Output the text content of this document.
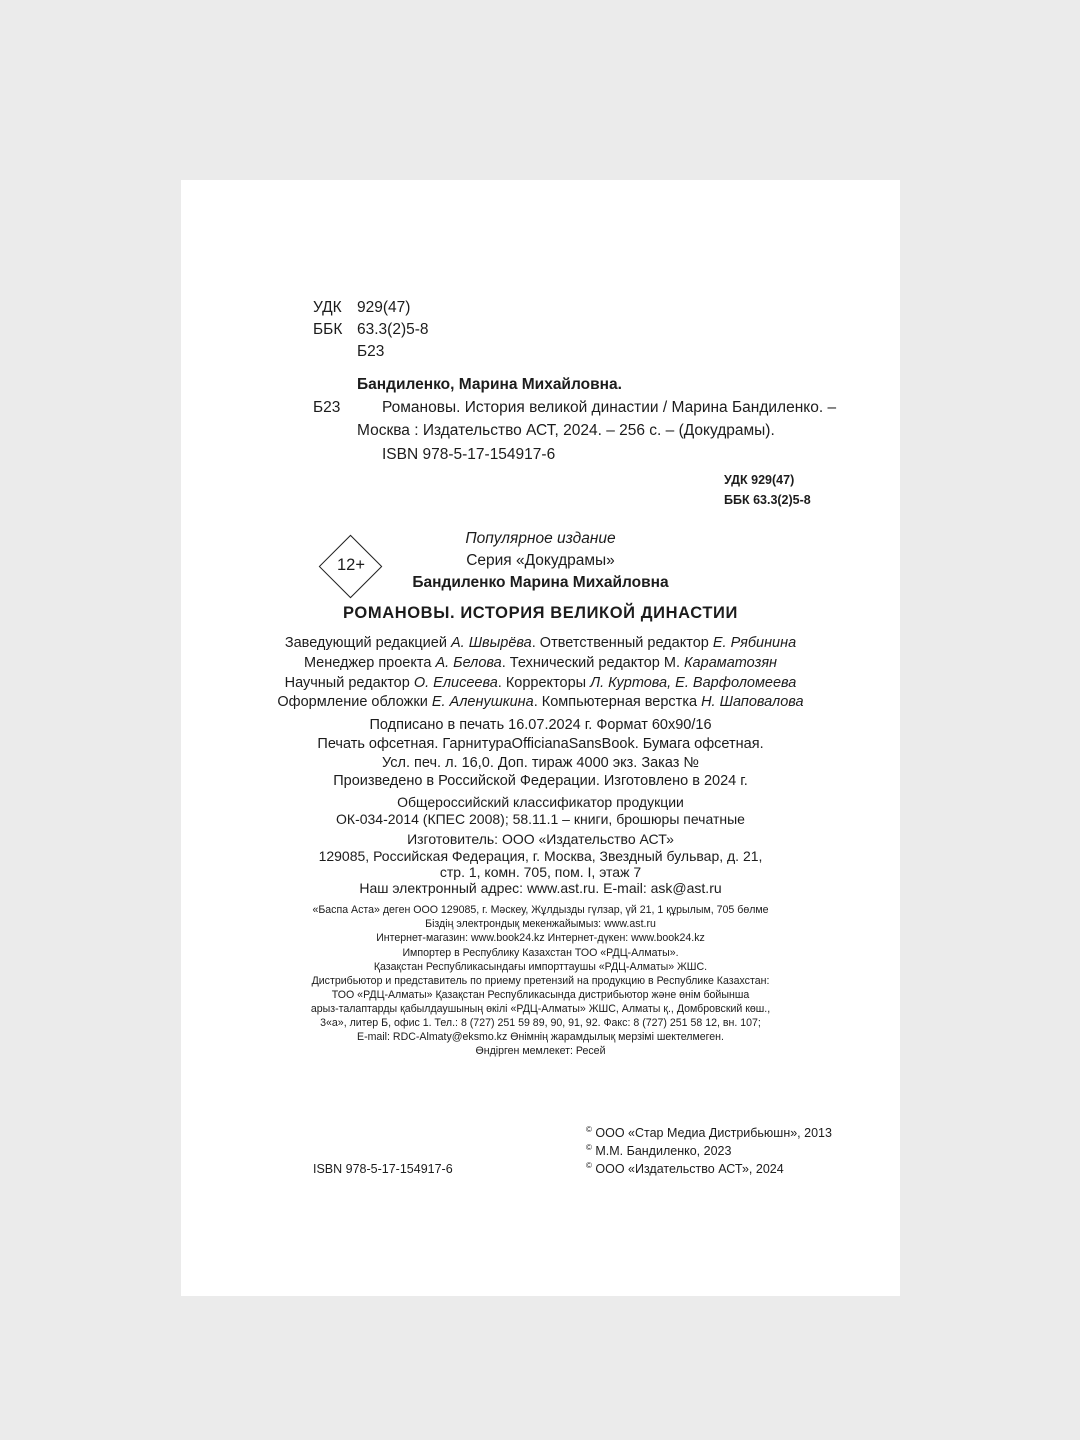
УДК 929(47)
ББК 63.3(2)5-8
Б23
Бандиленко, Марина Михайловна.
Б23	Романовы. История великой династии / Марина Бандиленко. –
Москва : Издательство АСТ, 2024. – 256 с. – (Докудрамы).
ISBN 978-5-17-154917-6
УДК 929(47)
ББК 63.3(2)5-8
12+
Популярное издание
Серия «Докудрамы»
Бандиленко Марина Михайловна
РОМАНОВЫ. ИСТОРИЯ ВЕЛИКОЙ ДИНАСТИИ
Заведующий редакцией А. Швырёва. Ответственный редактор Е. Рябинина
Менеджер проекта А. Белова. Технический редактор М. Караматозян
Научный редактор О. Елисеева. Корректоры Л. Куртова, Е. Варфоломеева
Оформление обложки Е. Аленушкина. Компьютерная верстка Н. Шаповалова
Подписано в печать 16.07.2024 г. Формат 60х90/16
Печать офсетная. ГарнитураOfficianaSansBook. Бумага офсетная.
Усл. печ. л. 16,0. Доп. тираж 4000 экз. Заказ №
Произведено в Российской Федерации. Изготовлено в 2024 г.
Общероссийский классификатор продукции
ОК-034-2014 (КПЕС 2008); 58.11.1 – книги, брошюры печатные
Изготовитель: ООО «Издательство АСТ»
129085, Российская Федерация, г. Москва, Звездный бульвар, д. 21,
стр. 1, комн. 705, пом. I, этаж 7
Наш электронный адрес: www.ast.ru. E-mail: ask@ast.ru
«Баспа Аста» деген ООО 129085, г. Мәскеу, Жұлдызды гүлзар, үй 21, 1 құрылым, 705 бөлме
Біздің электрондық мекенжайымыз: www.ast.ru
Интернет-магазин: www.book24.kz Интернет-дүкен: www.book24.kz
Импортер в Республику Казахстан ТОО «РДЦ-Алматы».
Қазақстан Республикасындағы импорттаушы «РДЦ-Алматы» ЖШС.
Дистрибьютор и представитель по приему претензий на продукцию в Республике Казахстан:
ТОО «РДЦ-Алматы» Қазақстан Республикасында дистрибьютор және өнім бойынша
арыз-талаптарды қабылдаушының өкілі «РДЦ-Алматы» ЖШС, Алматы қ., Домбровский көш.,
3«а», литер Б, офис 1. Тел.: 8 (727) 251 59 89, 90, 91, 92. Факс: 8 (727) 251 58 12, вн. 107;
E-mail: RDC-Almaty@eksmo.kz Өнімнің жарамдылық мерзімі шектелмеген.
Өндірген мемлекет: Ресей
© ООО «Стар Медиа Дистрибьюшн», 2013
© М.М. Бандиленко, 2023
ISBN 978-5-17-154917-6	© ООО «Издательство АСТ», 2024
